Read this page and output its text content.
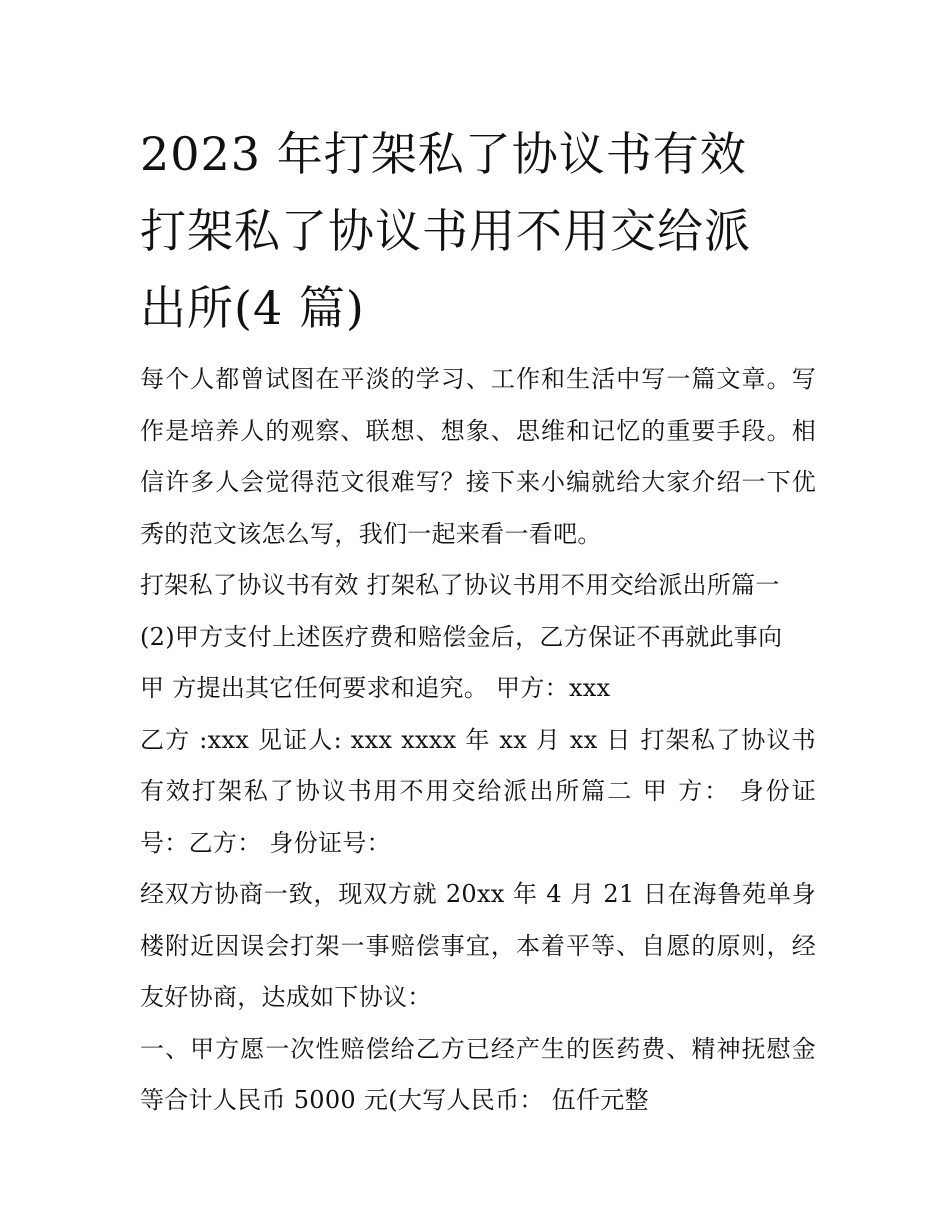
2023 年打架私了协议书有效
打架私了协议书用不用交给派
出所(4 篇)

每个人都曾试图在平淡的学习、工作和生活中写一篇文章。写作是培养人的观察、联想、想象、思维和记忆的重要手段。相信许多人会觉得范文很难写？接下来小编就给大家介绍一下优秀的范文该怎么写，我们一起来看一看吧。

打架私了协议书有效 打架私了协议书用不用交给派出所篇一

(2)甲方支付上述医疗费和赔偿金后，乙方保证不再就此事向

甲 方提出其它任何要求和追究。 甲方：xxx

乙方 :xxx 见证人: xxx xxxx 年 xx 月 xx 日 打架私了协议书有效打架私了协议书用不用交给派出所篇二 甲 方： 身份证号：乙方： 身份证号：

经双方协商一致，现双方就 20xx 年 4 月 21 日在海鲁苑单身楼附近因误会打架一事赔偿事宜，本着平等、自愿的原则，经友好协商，达成如下协议：

一、甲方愿一次性赔偿给乙方已经产生的医药费、精神抚慰金等合计人民币 5000 元(大写人民币： 伍仟元整
